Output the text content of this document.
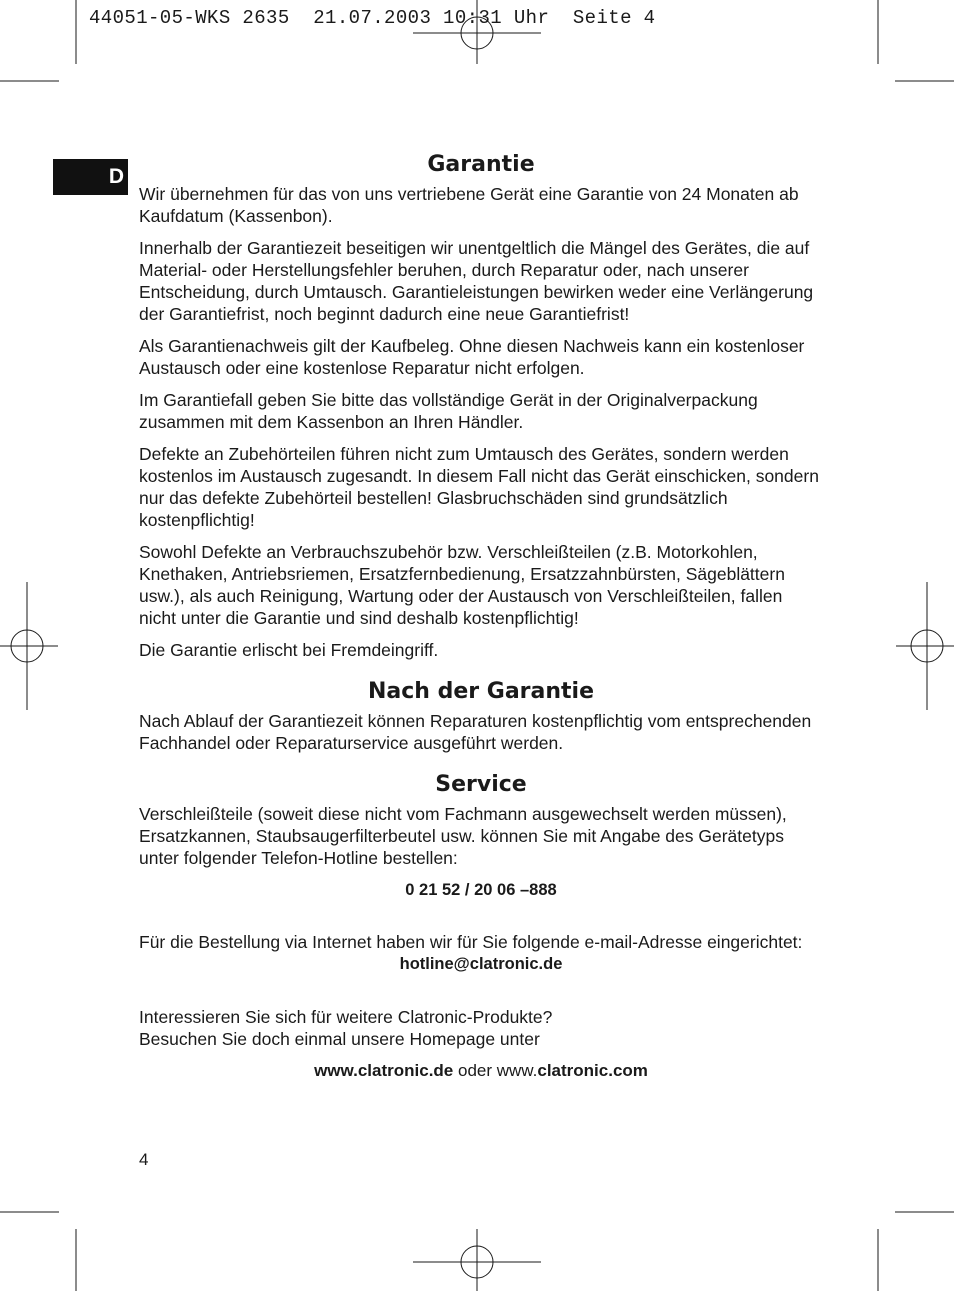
44051-05-WKS 2635  21.07.2003 10:31 Uhr  Seite 4
D	Garantie

Wir übernehmen für das von uns vertriebene Gerät eine Garantie von 24 Monaten ab Kaufdatum (Kassenbon).

Innerhalb der Garantiezeit beseitigen wir unentgeltlich die Mängel des Gerätes, die auf Material- oder Herstellungsfehler beruhen, durch Reparatur oder, nach unserer Entscheidung, durch Umtausch. Garantieleistungen bewirken weder eine Verlängerung der Garantiefrist, noch beginnt dadurch eine neue Garantiefrist!

Als Garantienachweis gilt der Kaufbeleg. Ohne diesen Nachweis kann ein kostenloser Austausch oder eine kostenlose Reparatur nicht erfolgen.

Im Garantiefall geben Sie bitte das vollständige Gerät in der Originalverpackung zusammen mit dem Kassenbon an Ihren Händler.

Defekte an Zubehörteilen führen nicht zum Umtausch des Gerätes, sondern werden kostenlos im Austausch zugesandt. In diesem Fall nicht das Gerät einschicken, sondern nur das defekte Zubehörteil bestellen! Glasbruchschäden sind grundsätzlich kostenpflichtig!

Sowohl Defekte an Verbrauchszubehör bzw. Verschleißteilen (z.B. Motorkohlen, Knethaken, Antriebsriemen, Ersatzfernbedienung, Ersatzzahnbürsten, Sägeblättern usw.), als auch Reinigung, Wartung oder der Austausch von Verschleißteilen, fallen nicht unter die Garantie und sind deshalb kostenpflichtig!

Die Garantie erlischt bei Fremdeingriff.

Nach der Garantie

Nach Ablauf der Garantiezeit können Reparaturen kostenpflichtig vom entsprechenden Fachhandel oder Reparaturservice ausgeführt werden.

Service

Verschleißteile (soweit diese nicht vom Fachmann ausgewechselt werden müssen), Ersatzkannen, Staubsaugerfilterbeutel usw. können Sie mit Angabe des Gerätetyps unter folgender Telefon-Hotline bestellen:

0 21 52 / 20 06 –888

Für die Bestellung via Internet haben wir für Sie folgende e-mail-Adresse eingerichtet:

hotline@clatronic.de

Interessieren Sie sich für weitere Clatronic-Produkte?

Besuchen Sie doch einmal unsere Homepage unter

www.clatronic.de oder www.clatronic.com

4
